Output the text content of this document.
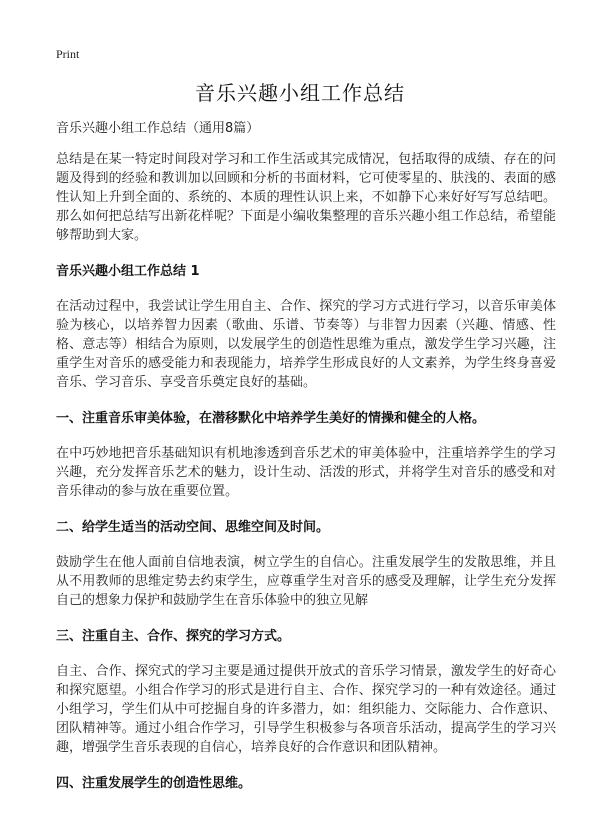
Print
音乐兴趣小组工作总结

音乐兴趣小组工作总结（通用8篇）

总结是在某一特定时间段对学习和工作生活或其完成情况，包括取得的成绩、存在的问题及得到的经验和教训加以回顾和分析的书面材料，它可使零星的、肤浅的、表面的感性认知上升到全面的、系统的、本质的理性认识上来，不如静下心来好好写写总结吧。那么如何把总结写出新花样呢？下面是小编收集整理的音乐兴趣小组工作总结，希望能够帮助到大家。

音乐兴趣小组工作总结 1

在活动过程中，我尝试让学生用自主、合作、探究的学习方式进行学习，以音乐审美体验为核心，以培养智力因素（歌曲、乐谱、节奏等）与非智力因素（兴趣、情感、性格、意志等）相结合为原则，以发展学生的创造性思维为重点，激发学生学习兴趣，注重学生对音乐的感受能力和表现能力，培养学生形成良好的人文素养，为学生终身喜爱音乐、学习音乐、享受音乐奠定良好的基础。

一、注重音乐审美体验，在潜移默化中培养学生美好的情操和健全的人格。

在中巧妙地把音乐基础知识有机地渗透到音乐艺术的审美体验中，注重培养学生的学习兴趣，充分发挥音乐艺术的魅力，设计生动、活泼的形式，并将学生对音乐的感受和对音乐律动的参与放在重要位置。

二、给学生适当的活动空间、思维空间及时间。

鼓励学生在他人面前自信地表演，树立学生的自信心。注重发展学生的发散思维，并且从不用教师的思维定势去约束学生，应尊重学生对音乐的感受及理解，让学生充分发挥自己的想象力保护和鼓励学生在音乐体验中的独立见解

三、注重自主、合作、探究的学习方式。

自主、合作、探究式的学习主要是通过提供开放式的音乐学习情景，激发学生的好奇心和探究愿望。小组合作学习的形式是进行自主、合作、探究学习的一种有效途径。通过小组学习，学生们从中可挖掘自身的许多潜力，如：组织能力、交际能力、合作意识、团队精神等。通过小组合作学习，引导学生积极参与各项音乐活动，提高学生的学习兴趣，增强学生音乐表现的自信心，培养良好的合作意识和团队精神。

四、注重发展学生的创造性思维。
